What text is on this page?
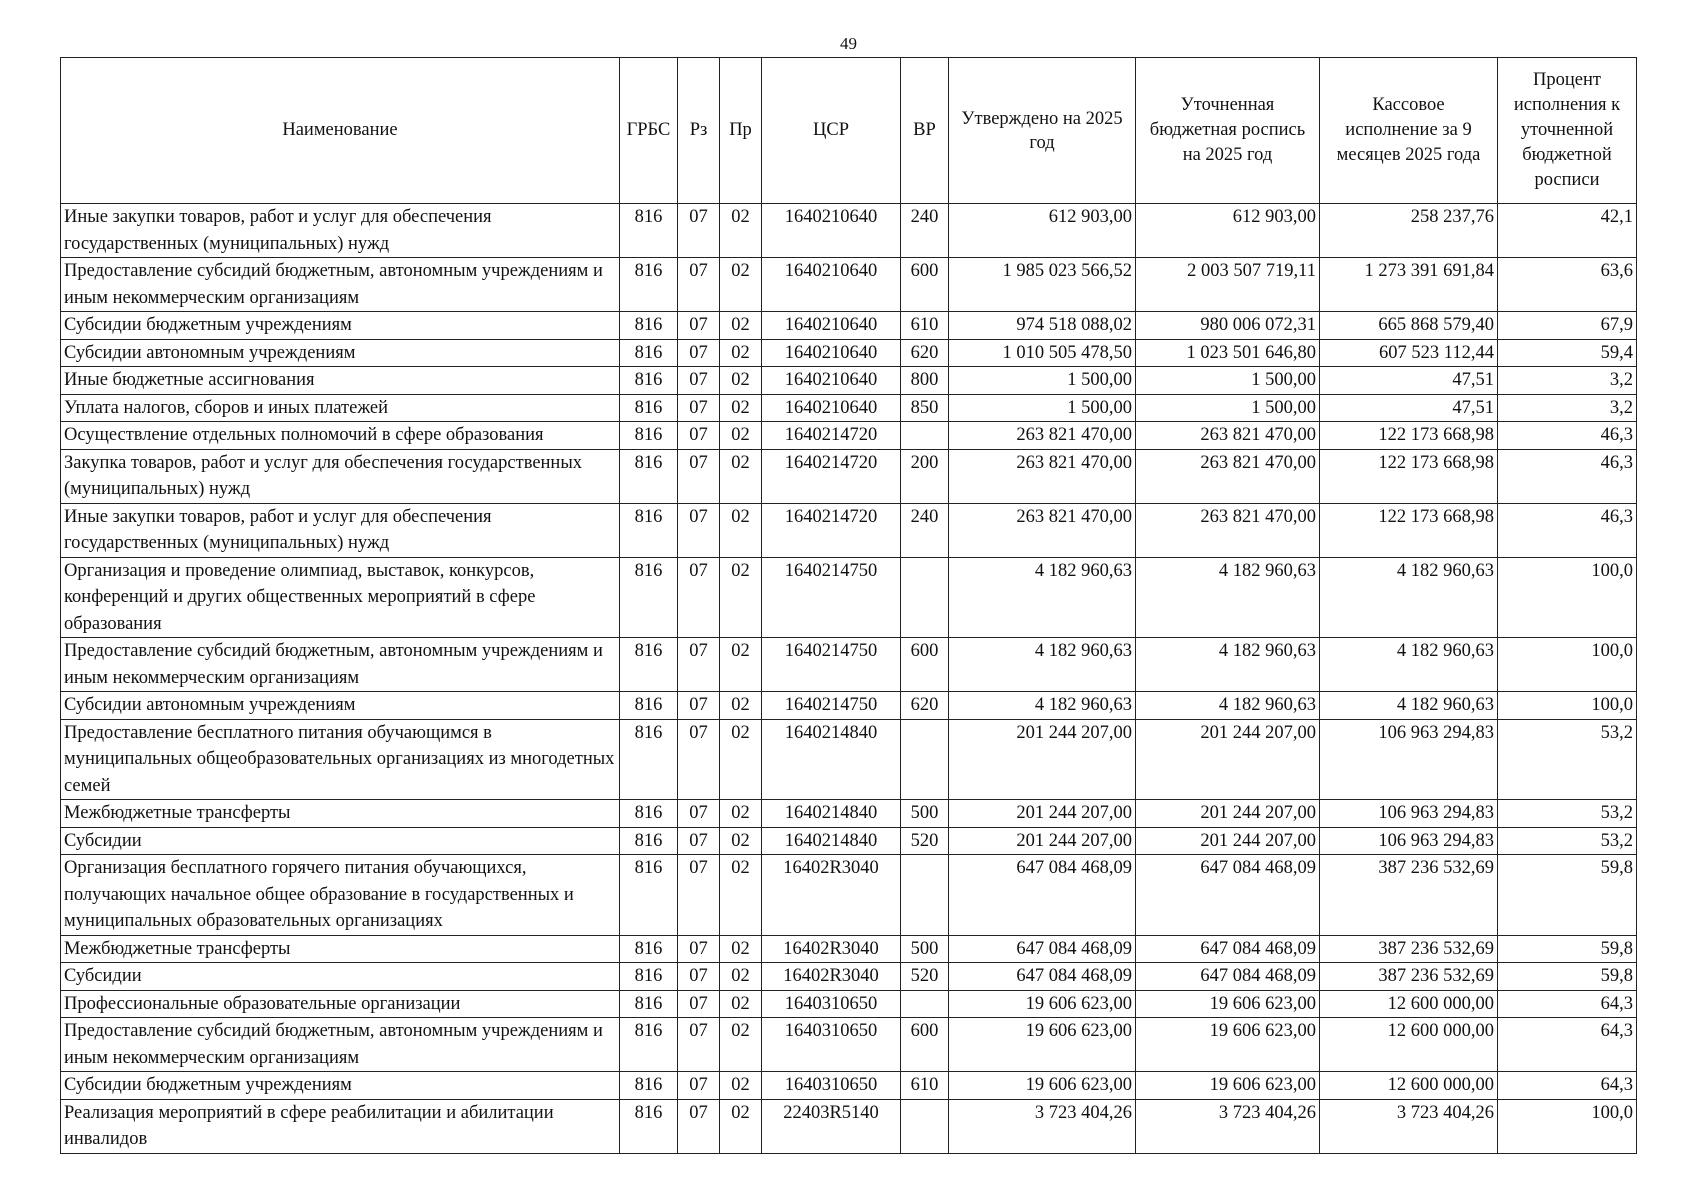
49
Наименование	ГРБС	Рз	Пр	ЦСР	ВР	Утверждено на 2025 год	Уточненная бюджетная роспись на 2025 год	Кассовое исполнение за 9 месяцев 2025 года	Процент исполнения к уточненной бюджетной росписи
Иные закупки товаров, работ и услуг для обеспечения государственных (муниципальных) нужд	816	07	02	1640210640	240	612 903,00	612 903,00	258 237,76	42,1
Предоставление субсидий бюджетным, автономным учреждениям и иным некоммерческим организациям	816	07	02	1640210640	600	1 985 023 566,52	2 003 507 719,11	1 273 391 691,84	63,6
Субсидии бюджетным учреждениям	816	07	02	1640210640	610	974 518 088,02	980 006 072,31	665 868 579,40	67,9
Субсидии автономным учреждениям	816	07	02	1640210640	620	1 010 505 478,50	1 023 501 646,80	607 523 112,44	59,4
Иные бюджетные ассигнования	816	07	02	1640210640	800	1 500,00	1 500,00	47,51	3,2
Уплата налогов, сборов и иных платежей	816	07	02	1640210640	850	1 500,00	1 500,00	47,51	3,2
Осуществление отдельных полномочий в сфере образования	816	07	02	1640214720		263 821 470,00	263 821 470,00	122 173 668,98	46,3
Закупка товаров, работ и услуг для обеспечения государственных (муниципальных) нужд	816	07	02	1640214720	200	263 821 470,00	263 821 470,00	122 173 668,98	46,3
Иные закупки товаров, работ и услуг для обеспечения государственных (муниципальных) нужд	816	07	02	1640214720	240	263 821 470,00	263 821 470,00	122 173 668,98	46,3
Организация и проведение олимпиад, выставок, конкурсов, конференций и других общественных мероприятий в сфере образования	816	07	02	1640214750		4 182 960,63	4 182 960,63	4 182 960,63	100,0
Предоставление субсидий бюджетным, автономным учреждениям и иным некоммерческим организациям	816	07	02	1640214750	600	4 182 960,63	4 182 960,63	4 182 960,63	100,0
Субсидии автономным учреждениям	816	07	02	1640214750	620	4 182 960,63	4 182 960,63	4 182 960,63	100,0
Предоставление бесплатного питания обучающимся в муниципальных общеобразовательных организациях из многодетных семей	816	07	02	1640214840		201 244 207,00	201 244 207,00	106 963 294,83	53,2
Межбюджетные трансферты	816	07	02	1640214840	500	201 244 207,00	201 244 207,00	106 963 294,83	53,2
Субсидии	816	07	02	1640214840	520	201 244 207,00	201 244 207,00	106 963 294,83	53,2
Организация бесплатного горячего питания обучающихся, получающих начальное общее образование в государственных и муниципальных образовательных организациях	816	07	02	16402R3040		647 084 468,09	647 084 468,09	387 236 532,69	59,8
Межбюджетные трансферты	816	07	02	16402R3040	500	647 084 468,09	647 084 468,09	387 236 532,69	59,8
Субсидии	816	07	02	16402R3040	520	647 084 468,09	647 084 468,09	387 236 532,69	59,8
Профессиональные образовательные организации	816	07	02	1640310650		19 606 623,00	19 606 623,00	12 600 000,00	64,3
Предоставление субсидий бюджетным, автономным учреждениям и иным некоммерческим организациям	816	07	02	1640310650	600	19 606 623,00	19 606 623,00	12 600 000,00	64,3
Субсидии бюджетным учреждениям	816	07	02	1640310650	610	19 606 623,00	19 606 623,00	12 600 000,00	64,3
Реализация мероприятий в сфере реабилитации и абилитации инвалидов	816	07	02	22403R5140		3 723 404,26	3 723 404,26	3 723 404,26	100,0
